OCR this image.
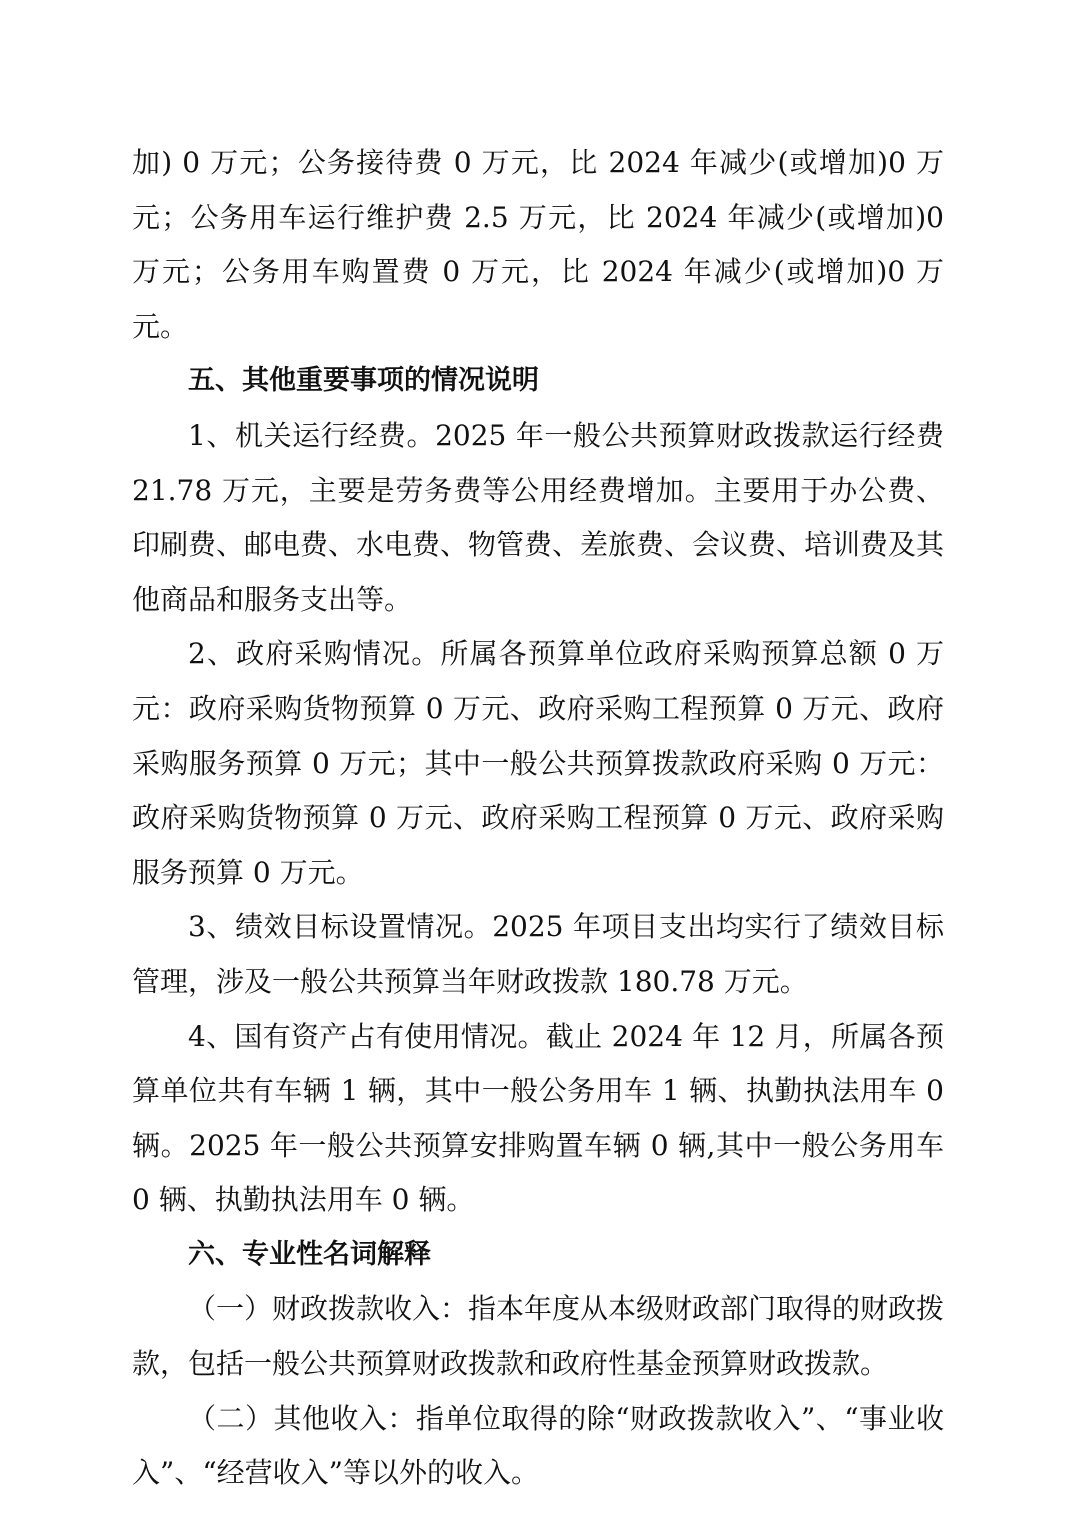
加) 0 万元；公务接待费 0 万元，比 2024 年减少(或增加)0 万元；公务用车运行维护费 2.5 万元，比 2024 年减少(或增加)0 万元；公务用车购置费 0 万元，比 2024 年减少(或增加)0 万元。

五、其他重要事项的情况说明

1、机关运行经费。2025 年一般公共预算财政拨款运行经费 21.78 万元，主要是劳务费等公用经费增加。主要用于办公费、印刷费、邮电费、水电费、物管费、差旅费、会议费、培训费及其他商品和服务支出等。

2、政府采购情况。所属各预算单位政府采购预算总额 0 万元：政府采购货物预算 0 万元、政府采购工程预算 0 万元、政府采购服务预算 0 万元；其中一般公共预算拨款政府采购 0 万元：政府采购货物预算 0 万元、政府采购工程预算 0 万元、政府采购服务预算 0 万元。

3、绩效目标设置情况。2025 年项目支出均实行了绩效目标管理，涉及一般公共预算当年财政拨款 180.78 万元。

4、国有资产占有使用情况。截止 2024 年 12 月，所属各预算单位共有车辆 1 辆，其中一般公务用车 1 辆、执勤执法用车 0 辆。2025 年一般公共预算安排购置车辆 0 辆,其中一般公务用车 0 辆、执勤执法用车 0 辆。

六、专业性名词解释

（一）财政拨款收入：指本年度从本级财政部门取得的财政拨款，包括一般公共预算财政拨款和政府性基金预算财政拨款。

（二）其他收入：指单位取得的除“财政拨款收入”、“事业收入”、“经营收入”等以外的收入。
